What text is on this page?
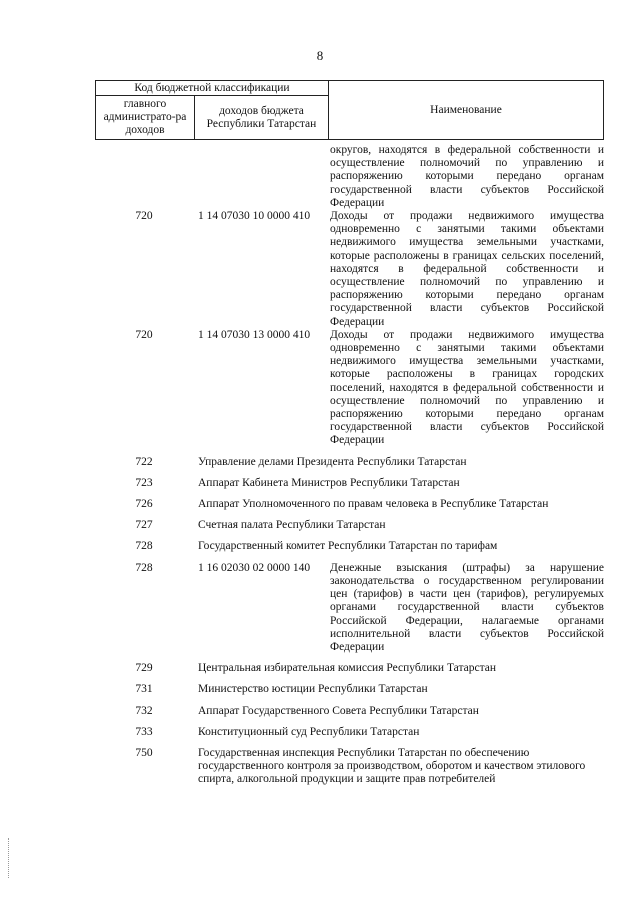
8
Код бюджетной классификации		Наименование
главного администрато-ра доходов	доходов бюджета Республики Татарстан	
округов, находятся в федеральной собственности и осуществление полномочий по управлению и распоряжению которыми передано органам государственной власти субъектов Российской Федерации
720	1 14 07030 10 0000 410	Доходы от продажи недвижимого имущества одновременно с занятыми такими объектами недвижимого имущества земельными участками, которые расположены в границах сельских поселений, находятся в федеральной собственности и осуществление полномочий по управлению и распоряжению которыми передано органам государственной власти субъектов Российской Федерации
720	1 14 07030 13 0000 410	Доходы от продажи недвижимого имущества одновременно с занятыми такими объектами недвижимого имущества земельными участками, которые расположены в границах городских поселений, находятся в федеральной собственности и осуществление полномочий по управлению и распоряжению которыми передано органам государственной власти субъектов Российской Федерации
722	Управление делами Президента Республики Татарстан
723	Аппарат Кабинета Министров Республики Татарстан
726	Аппарат Уполномоченного по правам человека в Республике Татарстан
727	Счетная палата Республики Татарстан
728	Государственный комитет Республики Татарстан по тарифам
728	1 16 02030 02 0000 140	Денежные взыскания (штрафы) за нарушение законодательства о государственном регулировании цен (тарифов) в части цен (тарифов), регулируемых органами государственной власти субъектов Российской Федерации, налагаемые органами исполнительной власти субъектов Российской Федерации
729	Центральная избирательная комиссия Республики Татарстан
731	Министерство юстиции Республики Татарстан
732	Аппарат Государственного Совета Республики Татарстан
733	Конституционный суд Республики Татарстан
750	Государственная инспекция Республики Татарстан по обеспечению государственного контроля за производством, оборотом и качеством этилового спирта, алкогольной продукции и защите прав потребителей
